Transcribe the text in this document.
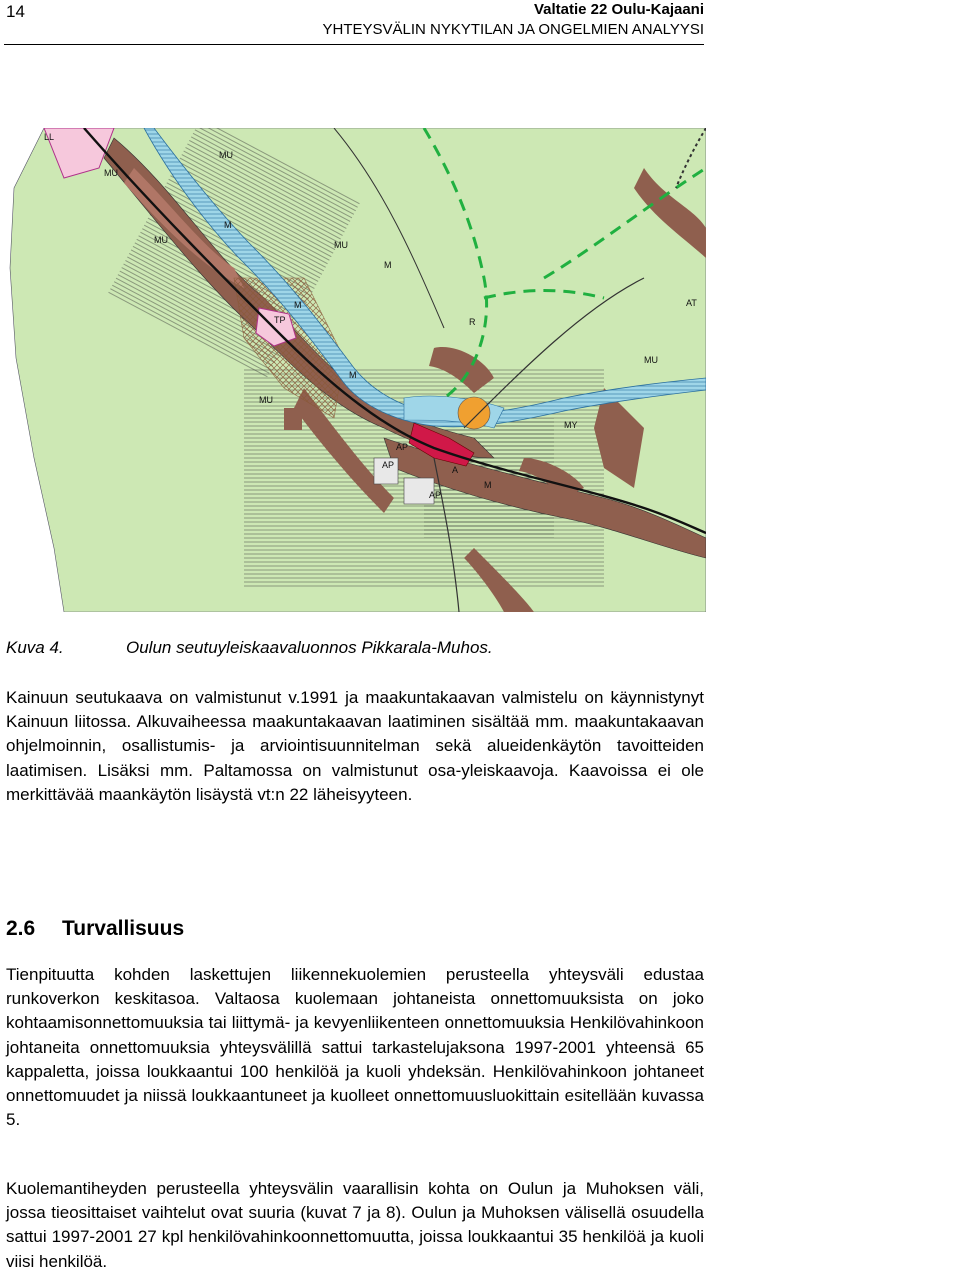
14	Valtatie 22 Oulu-Kajaani
YHTEYSVÄLIN NYKYTILAN JA ONGELMIEN ANALYYSI
MU
MU	MU
MU
MU
MU
M
M
M
M
M
MY
AP
AP
AP
A
AT
TP	R
LL
Kuva 4.	Oulun seutuyleiskaavaluonnos Pikkarala-Muhos.
Kainuun seutukaava on valmistunut v.1991 ja maakuntakaavan valmistelu on käynnistynyt Kainuun liitossa. Alkuvaiheessa maakuntakaavan laatiminen sisältää mm. maakuntakaavan ohjelmoinnin, osallistumis- ja arviointisuunnitelman sekä alueidenkäytön tavoitteiden laatimisen. Lisäksi mm. Paltamossa on valmistunut osa-yleiskaavoja. Kaavoissa ei ole merkittävää maankäytön lisäystä vt:n 22 läheisyyteen.
2.6 Turvallisuus
Tienpituutta kohden laskettujen liikennekuolemien perusteella yhteysväli edustaa runkoverkon keskitasoa. Valtaosa kuolemaan johtaneista onnettomuuksista on joko kohtaamisonnettomuuksia tai liittymä- ja kevyenliikenteen onnettomuuksia Henkilövahinkoon johtaneita onnettomuuksia yhteysvälillä sattui tarkastelujaksona 1997-2001 yhteensä 65 kappaletta, joissa loukkaantui 100 henkilöä ja kuoli yhdeksän. Henkilövahinkoon johtaneet onnettomuudet ja niissä loukkaantuneet ja kuolleet onnettomuusluokittain esitellään kuvassa 5.
Kuolemantiheyden perusteella yhteysvälin vaarallisin kohta on Oulun ja Muhoksen väli, jossa tieosittaiset vaihtelut ovat suuria (kuvat 7 ja 8). Oulun ja Muhoksen välisellä osuudella sattui 1997-2001 27 kpl henkilövahinkoonnettomuutta, joissa loukkaantui 35 henkilöä ja kuoli viisi henkilöä.
